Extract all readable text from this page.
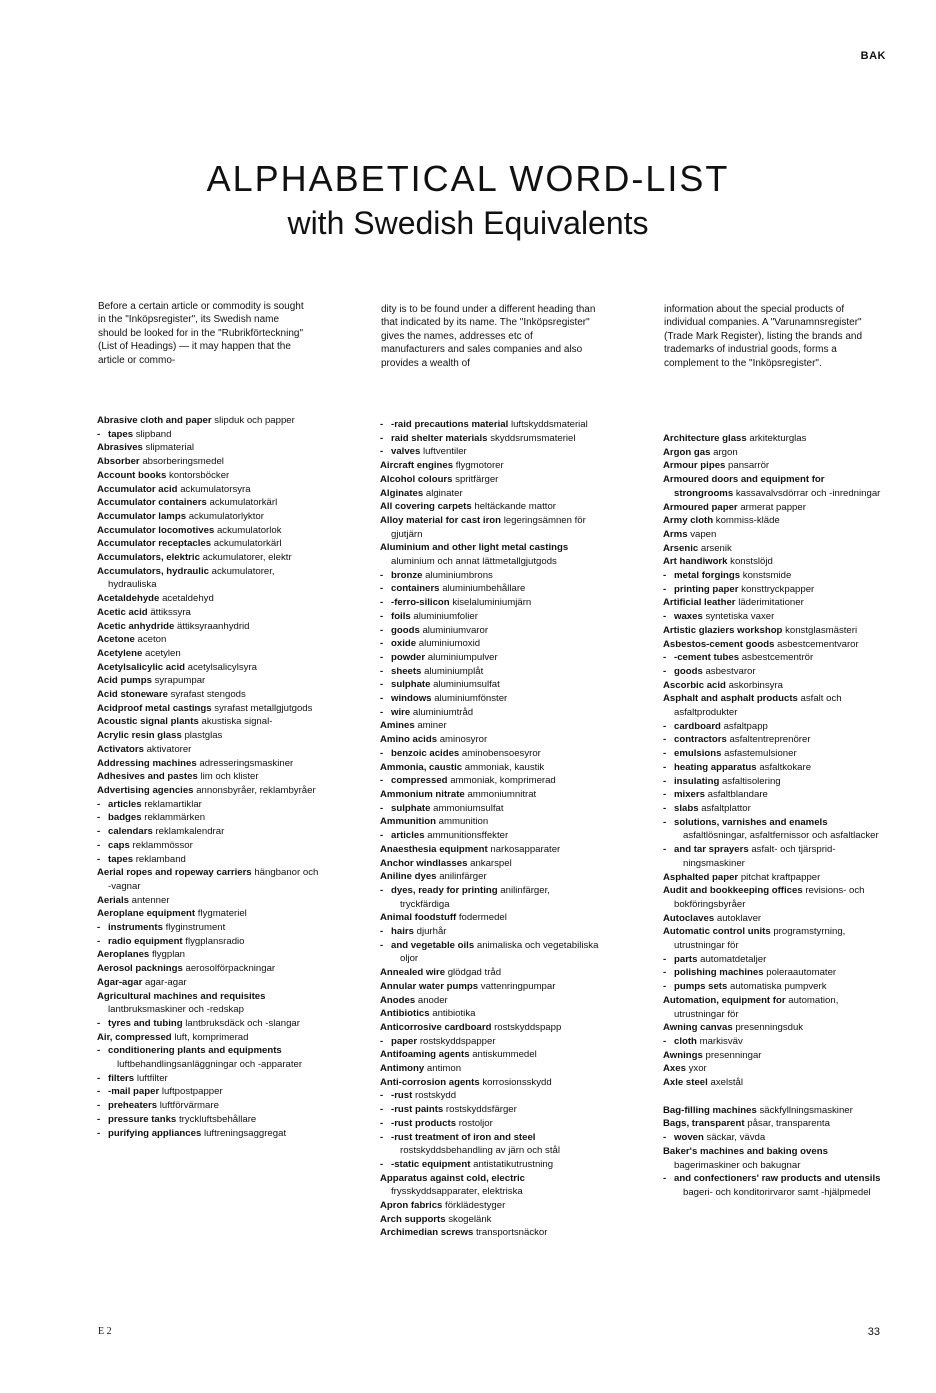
BAK
ALPHABETICAL WORD-LIST
with Swedish Equivalents
Before a certain article or commodity is sought in the "Inköpsregister", its Swedish name should be looked for in the "Rubrikförteckning" (List of Headings) — it may happen that the article or commo-
dity is to be found under a different heading than that indicated by its name. The "Inköpsregister" gives the names, addresses etc of manufacturers and sales companies and also provides a wealth of
information about the special products of individual companies. A "Varunamnsregister" (Trade Mark Register), listing the brands and trademarks of industrial goods, forms a complement to the "Inköpsregister".
Abrasive cloth and paper slipduk och papper
- tapes slipband
Abrasives slipmaterial
Absorber absorberingsmedel
Account books kontorsböcker
Accumulator acid ackumulatorsyra
Accumulator containers ackumulatorkärl
Accumulator lamps ackumulatorlyktor
Accumulator locomotives ackumulatorlok
Accumulator receptacles ackumulatorkärl
Accumulators, elektric ackumulatorer, elektr
Accumulators, hydraulic ackumulatorer, hydrauliska
Acetaldehyde acetaldehyd
Acetic acid ättikssyra
Acetic anhydride ättiksyraanhydrid
Acetone aceton
Acetylene acetylen
Acetylsalicylic acid acetylsalicylsyra
Acid pumps syrapumpar
Acid stoneware syrafast stengods
Acidproof metal castings syrafast metallgjutgods
Acoustic signal plants akustiska signal-
Acrylic resin glass plastglas
Activators aktivatorer
Addressing machines adresseringsmaskiner
Adhesives and pastes lim och klister
Advertising agencies annonsbyråer, reklambyråer
- articles reklamartiklar
- badges reklammärken
- calendars reklamkalendrar
- caps reklammössor
- tapes reklamband
Aerial ropes and ropeway carriers hängbanor och -vagnar
Aerials antenner
Aeroplane equipment flygmateriel
- instruments flyginstrument
- radio equipment flygplansradio
Aeroplanes flygplan
Aerosol packnings aerosolförpackningar
Agar-agar agar-agar
Agricultural machines and requisites lantbruksmaskiner och -redskap
- tyres and tubing lantbruksdäck och -slangar
Air, compressed luft, komprimerad
- conditionering plants and equipments luftbehandlingsanläggningar och -apparater
- filters luftfilter
- -mail paper luftpostpapper
- preheaters luftförvärmare
- pressure tanks tryckluftsbehållare
- purifying appliances luftreningsaggregat
- -raid precautions material luftskyddsmaterial
- raid shelter materials skyddsrumsmateriel
- valves luftventiler
Aircraft engines flygmotorer
Alcohol colours spritfärger
Alginates alginater
All covering carpets heltäckande mattor
Alloy material for cast iron legeringsämnen för gjutjärn
Aluminium and other light metal castings aluminium och annat lättmetallgjutgods
- bronze aluminiumbrons
- containers aluminiumbehållare
- -ferro-silicon kiselaluminiumjärn
- foils aluminiumfolier
- goods aluminiumvaror
- oxide aluminiumoxid
- powder aluminiumpulver
- sheets aluminiumplåt
- sulphate aluminiumsulfat
- windows aluminiumfönster
- wire aluminiumtråd
Amines aminer
Amino acids aminosyror
- benzoic acides aminobensoesyror
Ammonia, caustic ammoniak, kaustik
- compressed ammoniak, komprimerad
Ammonium nitrate ammoniumnitrat
- sulphate ammoniumsulfat
Ammunition ammunition
- articles ammunitionsffekter
Anaesthesia equipment narkosapparater
Anchor windlasses ankarspel
Aniline dyes anilinfärger
- dyes, ready for printing anilinfärger, tryckfärdiga
Animal foodstuff fodermedel
- hairs djurhår
- and vegetable oils animaliska och vegetabiliska oljor
Annealed wire glödgad tråd
Annular water pumps vattenringpumpar
Anodes anoder
Antibiotics antibiotika
Anticorrosive cardboard rostskyddspapp
- paper rostskyddspapper
Antifoaming agents antiskummedel
Antimony antimon
Anti-corrosion agents korrosionsskydd
- -rust rostskydd
- -rust paints rostskyddsfärger
- -rust products rostoljor
- -rust treatment of iron and steel rostskyddsbehandling av järn och stål
- -static equipment antistatikutrustning
Apparatus against cold, electric frysskyddsapparater, elektriska
Apron fabrics förklädestyger
Arch supports skogelänk
Archimedian screws transportsnäckor
Architecture glass arkitekturglas
Argon gas argon
Armour pipes pansarrör
Armoured doors and equipment for strongrooms kassavalvsdörrar och -inredningar
Armoured paper armerat papper
Army cloth kommiss-kläde
Arms vapen
Arsenic arsenik
Art handiwork konstslöjd
- metal forgings konstsmide
- printing paper konsttryckpapper
Artificial leather läderimitationer
- waxes syntetiska vaxer
Artistic glaziers workshop konstglasmästeri
Asbestos-cement goods asbestcementvaror
- -cement tubes asbestcementrör
- goods asbestvaror
Ascorbic acid askorbinsyra
Asphalt and asphalt products asfalt och asfaltprodukter
- cardboard asfaltpapp
- contractors asfaltentreprenörer
- emulsions asfastemulsioner
- heating apparatus asfaltkokare
- insulating asfaltisolering
- mixers asfaltblandare
- slabs asfaltplattor
- solutions, varnishes and enamels asfaltlösningar, asfaltfernissor och asfaltlacker
- and tar sprayers asfalt- och tjärsprid- ningsmaskiner
Asphalted paper pitchat kraftpapper
Audit and bookkeeping offices revisions- och bokföringsbyråer
Autoclaves autoklaver
Automatic control units programstyrning, utrustningar för
- parts automatdetaljer
- polishing machines poleraautomater
- pumps sets automatiska pumpverk
Automation, equipment for automation, utrustningar för
Awning canvas presenningsduk
- cloth markisväv
Awnings presenningar
Axes yxor
Axle steel axelstål
Bag-filling machines säckfyllningsmaskiner
Bags, transparent påsar, transparenta
- woven säckar, vävda
Baker's machines and baking ovens bagerimaskiner och bakugnar
- and confectioners' raw products and utensils bageri- och konditorirvaror samt -hjälpmedel
E 2	33
